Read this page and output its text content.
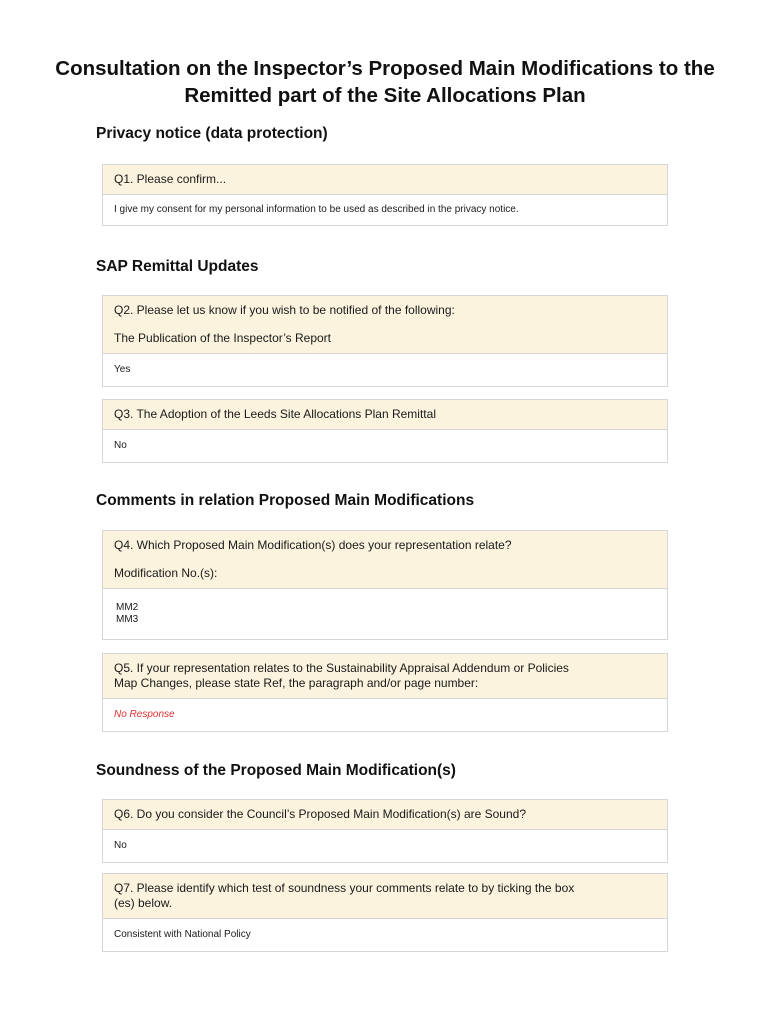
Consultation on the Inspector’s Proposed Main Modifications to the
Remitted part of the Site Allocations Plan
Privacy notice (data protection)
Q1. Please confirm...
I give my consent for my personal information to be used as described in the privacy notice.
SAP Remittal Updates
Q2. Please let us know if you wish to be notified of the following:
The Publication of the Inspector’s Report
Yes
Q3. The Adoption of the Leeds Site Allocations Plan Remittal
No
Comments in relation Proposed Main Modifications
Q4. Which Proposed Main Modification(s) does your representation relate?
Modification No.(s):
MM2
MM3
Q5. If your representation relates to the Sustainability Appraisal Addendum or Policies
Map Changes, please state Ref, the paragraph and/or page number:
No Response
Soundness of the Proposed Main Modification(s)
Q6. Do you consider the Council’s Proposed Main Modification(s) are Sound?
No
Q7. Please identify which test of soundness your comments relate to by ticking the box
(es) below.
Consistent with National Policy
